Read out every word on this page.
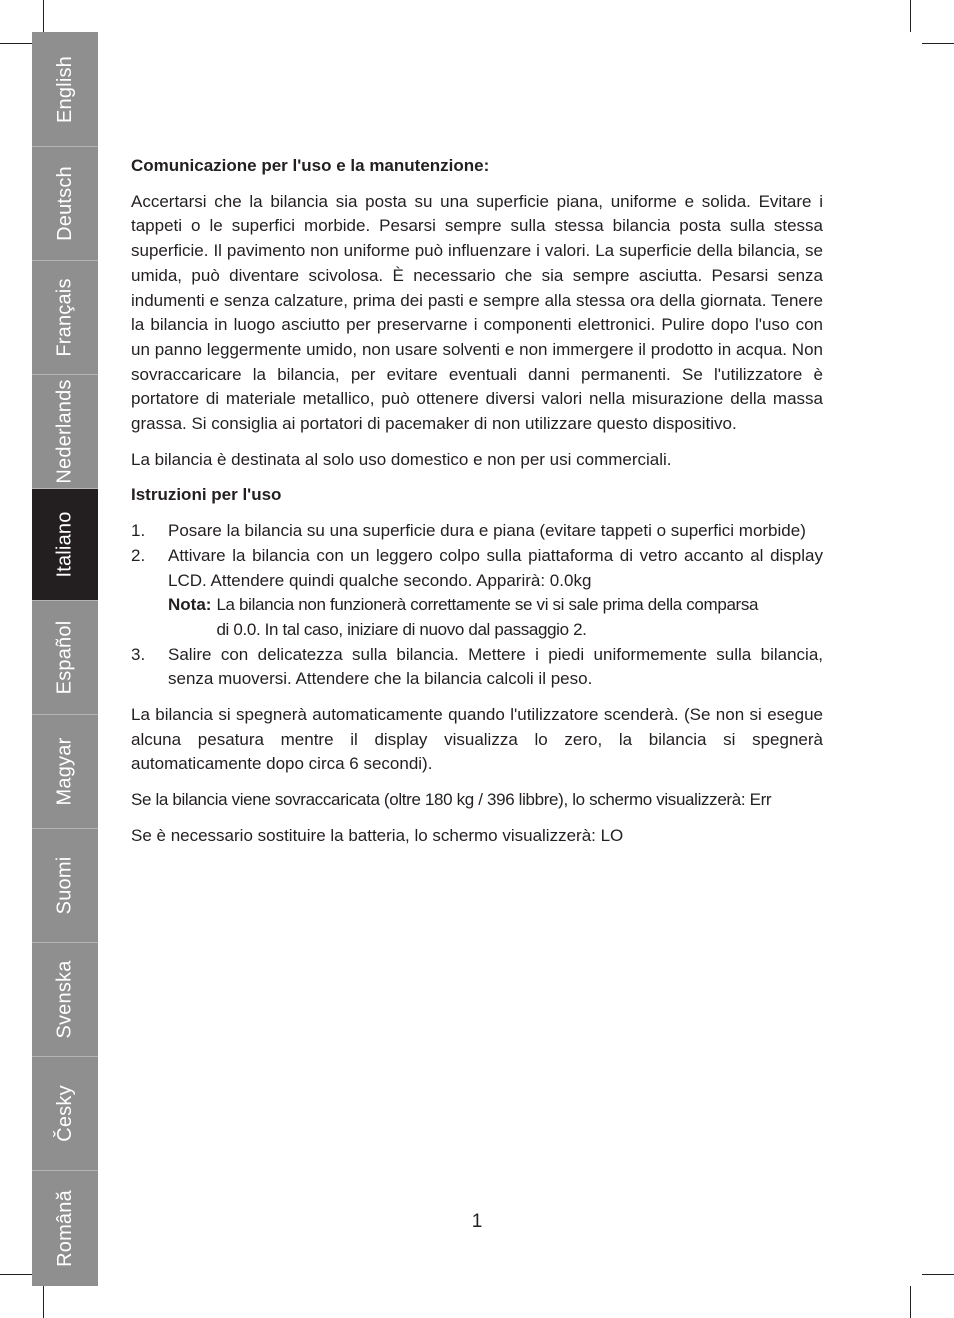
English
Deutsch
Français
Nederlands
Italiano
Español
Magyar
Suomi
Svenska
Česky
Română

Comunicazione per l'uso e la manutenzione:

Accertarsi che la bilancia sia posta su una superficie piana, uniforme e solida. Evitare i tappeti o le superfici morbide. Pesarsi sempre sulla stessa bilancia posta sulla stessa superficie. Il pavimento non uniforme può influenzare i valori. La superficie della bilancia, se umida, può diventare scivolosa. È necessario che sia sempre asciutta. Pesarsi senza indumenti e senza calzature, prima dei pasti e sempre alla stessa ora della giornata. Tenere la bilancia in luogo asciutto per preservarne i componenti elettronici. Pulire dopo l'uso con un panno leggermente umido, non usare solventi e non immergere il prodotto in acqua. Non sovraccaricare la bilancia, per evitare eventuali danni permanenti. Se l'utilizzatore è portatore di materiale metallico, può ottenere diversi valori nella misurazione della massa grassa. Si consiglia ai portatori di pacemaker di non utilizzare questo dispositivo.

La bilancia è destinata al solo uso domestico e non per usi commerciali.

Istruzioni per l'uso

1.	Posare la bilancia su una superficie dura e piana (evitare tappeti o superfici morbide)
2.	Attivare la bilancia con un leggero colpo sulla piattaforma di vetro accanto al display LCD. Attendere quindi qualche secondo. Apparirà: 0.0kg
Nota: La bilancia non funzionerà correttamente se vi si sale prima della comparsa
di 0.0. In tal caso, iniziare di nuovo dal passaggio 2.
3.	Salire con delicatezza sulla bilancia. Mettere i piedi uniformemente sulla bilancia, senza muoversi. Attendere che la bilancia calcoli il peso.

La bilancia si spegnerà automaticamente quando l'utilizzatore scenderà. (Se non si esegue alcuna pesatura mentre il display visualizza lo zero, la bilancia si spegnerà automaticamente dopo circa 6 secondi).

Se la bilancia viene sovraccaricata (oltre 180 kg / 396 libbre), lo schermo visualizzerà: Err

Se è necessario sostituire la batteria, lo schermo visualizzerà: LO

1
